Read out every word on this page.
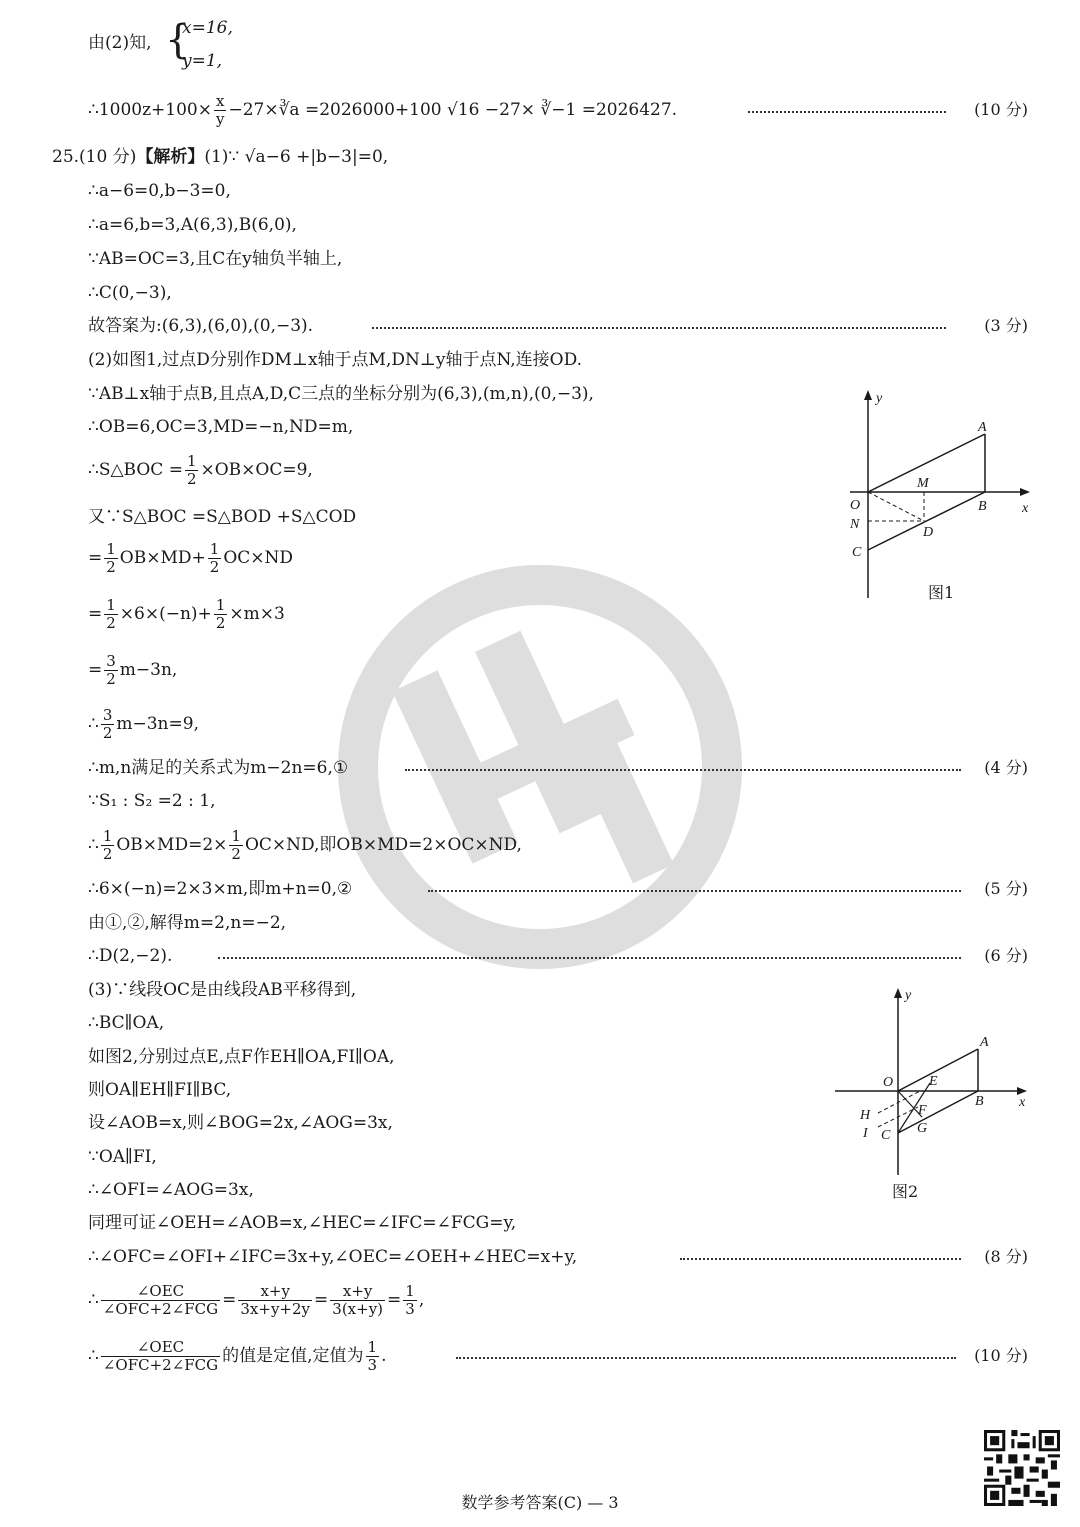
由(2)知, {
x=16,
y=1,
∴1000z+100× $\frac{x}{y}$ −27×∛a =2026000+100 √16 −27× ∛−1 =2026427.	(10 分)
25.(10 分)【解析】(1)∵ √a−6 +|b−3|=0,
∴a−6=0,b−3=0,
∴a=6,b=3,A(6,3),B(6,0),
∵AB=OC=3,且C在y轴负半轴上,
∴C(0,−3),
故答案为:(6,3),(6,0),(0,−3).	(3 分)
(2)如图1,过点D分别作DM⊥x轴于点M,DN⊥y轴于点N,连接OD.
∵AB⊥x轴于点B,且点A,D,C三点的坐标分别为(6,3),(m,n),(0,−3),
∴OB=6,OC=3,MD=−n,ND=m,
∴S△BOC = $\frac{1}{2} \times OB\times OC=9$,
又∵S△BOC =S△BOD +S△COD
= $\frac{1}{2} OB\times MD+ \frac{1}{2} OC\times ND$
= $\frac{1}{2} \times 6\times(-n)+ \frac{1}{2} \times m\times 3$
= $\frac{3}{2} m-3n$,
∴ $\frac{3}{2} m-3n=9$,
∴m,n满足的关系式为m−2n=6,①	(4 分)
∵S₁ : S₂ =2 : 1,
∴ $\frac{1}{2} OB\times MD=2\times \frac{1}{2} OC\times ND$,即OB×MD=2×OC×ND,
∴6×(−n)=2×3×m,即m+n=0,②	(5 分)
由①,②,解得m=2,n=−2,
∴D(2,−2).	(6 分)
(3)∵线段OC是由线段AB平移得到,
∴BC∥OA,
如图2,分别过点E,点F作EH∥OA,FI∥OA,
则OA∥EH∥FI∥BC,
设∠AOB=x,则∠BOG=2x,∠AOG=3x,
∵OA∥FI,
∴∠OFI=∠AOG=3x,
同理可证∠OEH=∠AOB=x,∠HEC=∠IFC=∠FCG=y,
∴∠OFC=∠OFI+∠IFC=3x+y,∠OEC=∠OEH+∠HEC=x+y,	(8 分)
∴ $\frac{\text{∠OEC}}{\text{∠OFC+2∠FCG}} = \frac{x+y}{3x+y+2y} = \frac{x+y}{3(x+y)} = \frac{1}{3}$ ,
∴ $\frac{\text{∠OEC}}{\text{∠OFC+2∠FCG}}$ 的值是定值,定值为 $\frac{1}{3}$ .	(10 分)
y
x
A
M
O	B
N
D
C
图1
y
x
A
O	E
B
H	F
I C G
图2
数学参考答案(C) — 3
